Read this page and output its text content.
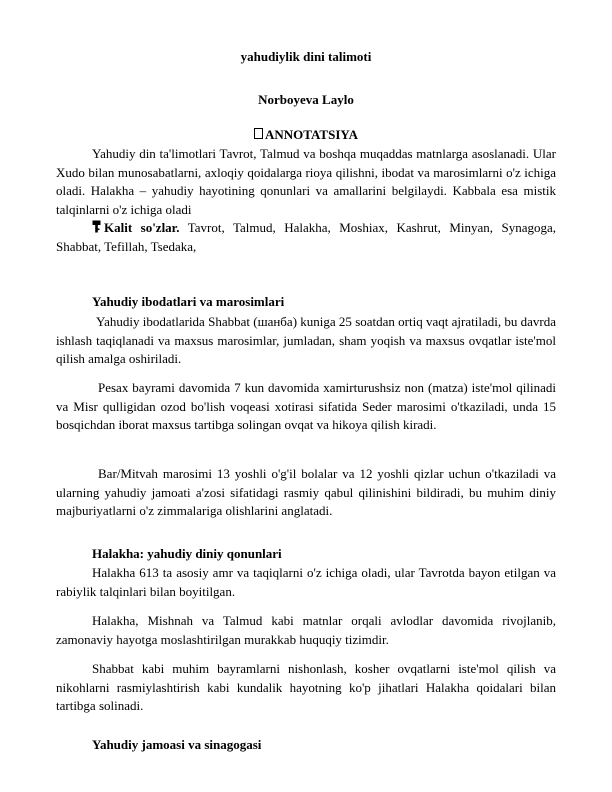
yahudiylik dini talimoti
Norboyeva Laylo
ANNOTATSIYA
Yahudiy din ta'limotlari Tavrot, Talmud va boshqa muqaddas matnlarga asoslanadi. Ular Xudo bilan munosabatlarni, axloqiy qoidalarga rioya qilishni, ibodat va marosimlarni o'z ichiga oladi. Halakha – yahudiy hayotining qonunlari va amallarini belgilaydi. Kabbala esa mistik talqinlarni o'z ichiga oladi
Kalit so'zlar. Tavrot, Talmud, Halakha, Moshiax, Kashrut, Minyan, Synagoga, Shabbat, Tefillah, Tsedaka,
Yahudiy ibodatlari va marosimlari
Yahudiy ibodatlarida Shabbat (шанба) kuniga 25 soatdan ortiq vaqt ajratiladi, bu davrda ishlash taqiqlanadi va maxsus marosimlar, jumladan, sham yoqish va maxsus ovqatlar iste'mol qilish amalga oshiriladi.
Pesax bayrami davomida 7 kun davomida xamirturushsiz non (matza) iste'mol qilinadi va Misr qulligidan ozod bo'lish voqeasi xotirasi sifatida Seder marosimi o'tkaziladi, unda 15 bosqichdan iborat maxsus tartibga solingan ovqat va hikoya qilish kiradi.
Bar/Mitvah marosimi 13 yoshli o'g'il bolalar va 12 yoshli qizlar uchun o'tkaziladi va ularning yahudiy jamoati a'zosi sifatidagi rasmiy qabul qilinishini bildiradi, bu muhim diniy majburiyatlarni o'z zimmalariga olishlarini anglatadi.
Halakha: yahudiy diniy qonunlari
Halakha 613 ta asosiy amr va taqiqlarni o'z ichiga oladi, ular Tavrotda bayon etilgan va rabiylik talqinlari bilan boyitilgan.
Halakha, Mishnah va Talmud kabi matnlar orqali avlodlar davomida rivojlanib, zamonaviy hayotga moslashtirilgan murakkab huquqiy tizimdir.
Shabbat kabi muhim bayramlarni nishonlash, kosher ovqatlarni iste'mol qilish va nikohlarni rasmiylashtirish kabi kundalik hayotning ko'p jihatlari Halakha qoidalari bilan tartibga solinadi.
Yahudiy jamoasi va sinagogasi
